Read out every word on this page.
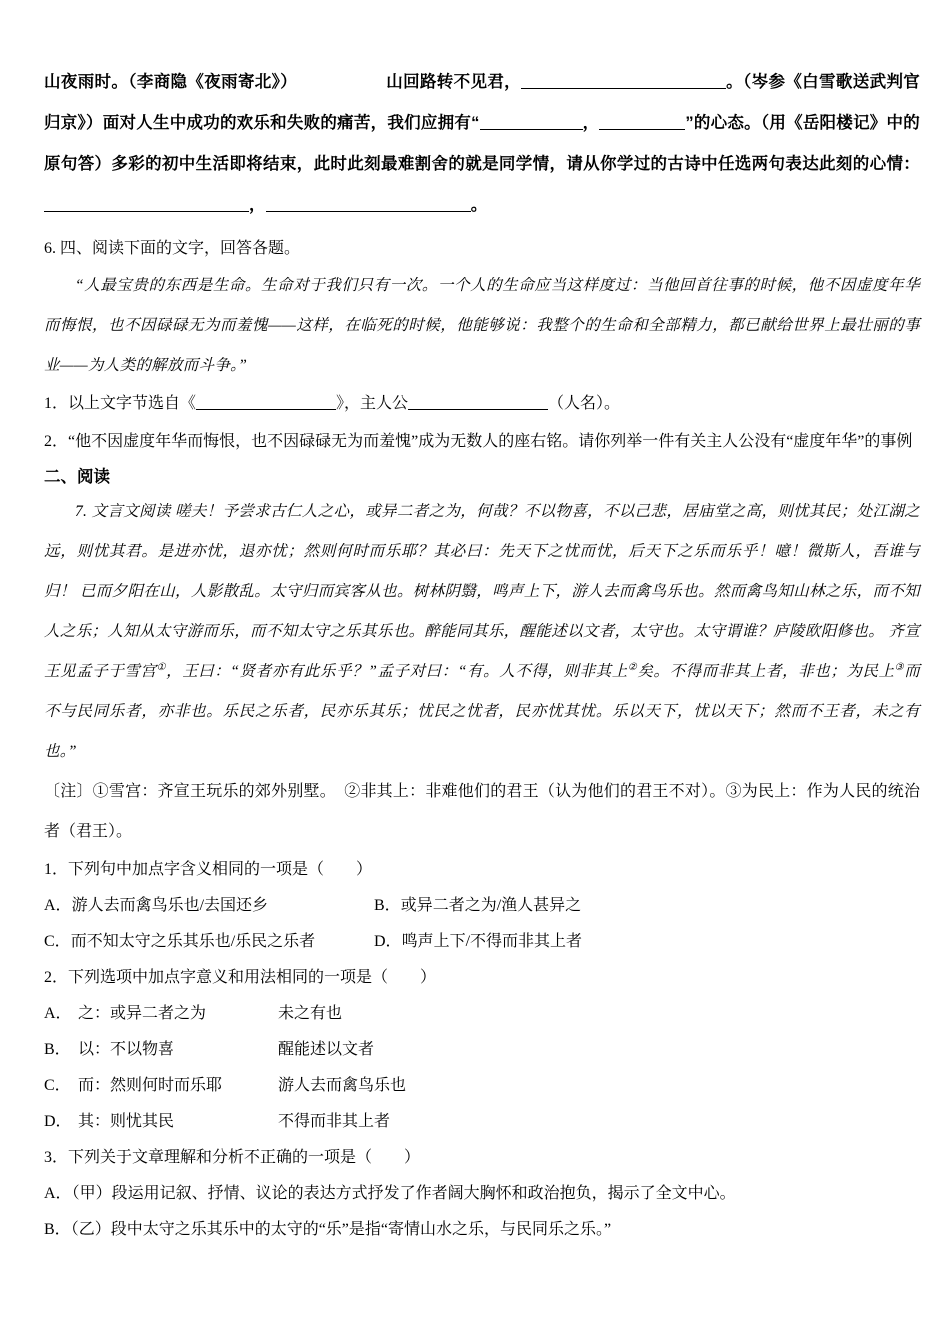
山夜雨时。（李商隐《夜雨寄北》）	山回路转不见君，	。（岑参《白雪歌送武判官归京》）面对人生中成功的欢乐和失败的痛苦，我们应拥有“	，	”的心态。（用《岳阳楼记》中的原句答）多彩的初中生活即将结束，此时此刻最难割舍的就是同学情，请从你学过的古诗中任选两句表达此刻的心情：，	。
6. 四、阅读下面的文字，回答各题。
“人最宝贵的东西是生命。生命对于我们只有一次。一个人的生命应当这样度过：当他回首往事的时候，他不因虚度年华而悔恨，也不因碌碌无为而羞愧——这样，在临死的时候，他能够说：我整个的生命和全部精力，都已献给世界上最壮丽的事业——为人类的解放而斗争。”
1．以上文字节选自《	》，主人公	（人名）。
2．“他不因虚度年华而悔恨，也不因碌碌无为而羞愧”成为无数人的座右铭。请你列举一件有关主人公没有“虚度年华”的事例
二、阅读
7. 文言文阅读 嗟夫！予尝求古仁人之心，或异二者之为，何哉？不以物喜，不以己悲，居庙堂之高，则忧其民；处江湖之远，则忧其君。是进亦忧，退亦忧；然则何时而乐耶？其必曰：先天下之忧而忧，后天下之乐而乐乎！噫！微斯人，吾谁与归！ 已而夕阳在山，人影散乱。太守归而宾客从也。树林阴翳，鸣声上下，游人去而禽鸟乐也。然而禽鸟知山林之乐，而不知人之乐；人知从太守游而乐，而不知太守之乐其乐也。醉能同其乐，醒能述以文者，太守也。太守谓谁？庐陵欧阳修也。 齐宣王见孟子于雪宫①，王曰：“贤者亦有此乐乎？”孟子对曰：“有。人不得，则非其上②矣。不得而非其上者，非也；为民上③而不与民同乐者，亦非也。乐民之乐者，民亦乐其乐；忧民之忧者，民亦忧其忧。乐以天下，忧以天下；然而不王者，未之有也。”
〔注〕①雪宫：齐宣王玩乐的郊外别墅。　②非其上：非难他们的君王（认为他们的君王不对）。③为民上：作为人民的统治者（君王）。
1．下列句中加点字含义相同的一项是（　　）
A．游人去而禽鸟乐也/去国还乡	B．或异二者之为/渔人甚异之
C．而不知太守之乐其乐也/乐民之乐者	D．鸣声上下/不得而非其上者
2．下列选项中加点字意义和用法相同的一项是（　　）
A． 之：或异二者之为	未之有也
B． 以：不以物喜	醒能述以文者
C． 而：然则何时而乐耶	游人去而禽鸟乐也
D． 其：则忧其民	不得而非其上者
3．下列关于文章理解和分析不正确的一项是（　　）
A．（甲）段运用记叙、抒情、议论的表达方式抒发了作者阔大胸怀和政治抱负，揭示了全文中心。
B．（乙）段中太守之乐其乐中的太守的“乐”是指“寄情山水之乐，与民同乐之乐。”
